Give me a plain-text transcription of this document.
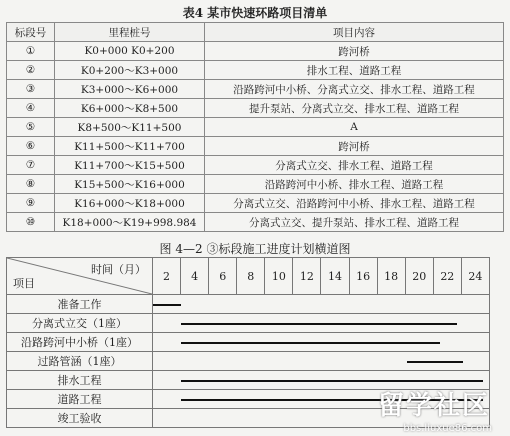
表4 某市快速环路项目清单
标段号	里程桩号	项目内容
①	K0+000 K0+200	跨河桥
②	K0+200～K3+000	排水工程、道路工程
③	K3+000～K6+000	沿路跨河中小桥、分离式立交、排水工程、道路工程
④	K6+000～K8+500	提升泵站、分离式立交、排水工程、道路工程
⑤	K8+500～K11+500	A
⑥	K11+500～K11+700	跨河桥
⑦	K11+700～K15+500	分离式立交、排水工程、道路工程
⑧	K15+500～K16+000	沿路跨河中小桥、排水工程、道路工程
⑨	K16+000～K18+000	分离式立交、沿路跨河中小桥、排水工程、道路工程
⑩	K18+000～K19+998.984	分离式立交、提升泵站、排水工程、道路工程
图 4—2 ③标段施工进度计划横道图
时间（月）
项目	2	4	6	8	10	12	14	16	18	20	22	24
准备工作												

分离式立交（1座）												

沿路跨河中小桥（1座）												

过路管涵（1座）												

排水工程												

道路工程												

竣工验收													留学社区
bbs.liuxue86.com
